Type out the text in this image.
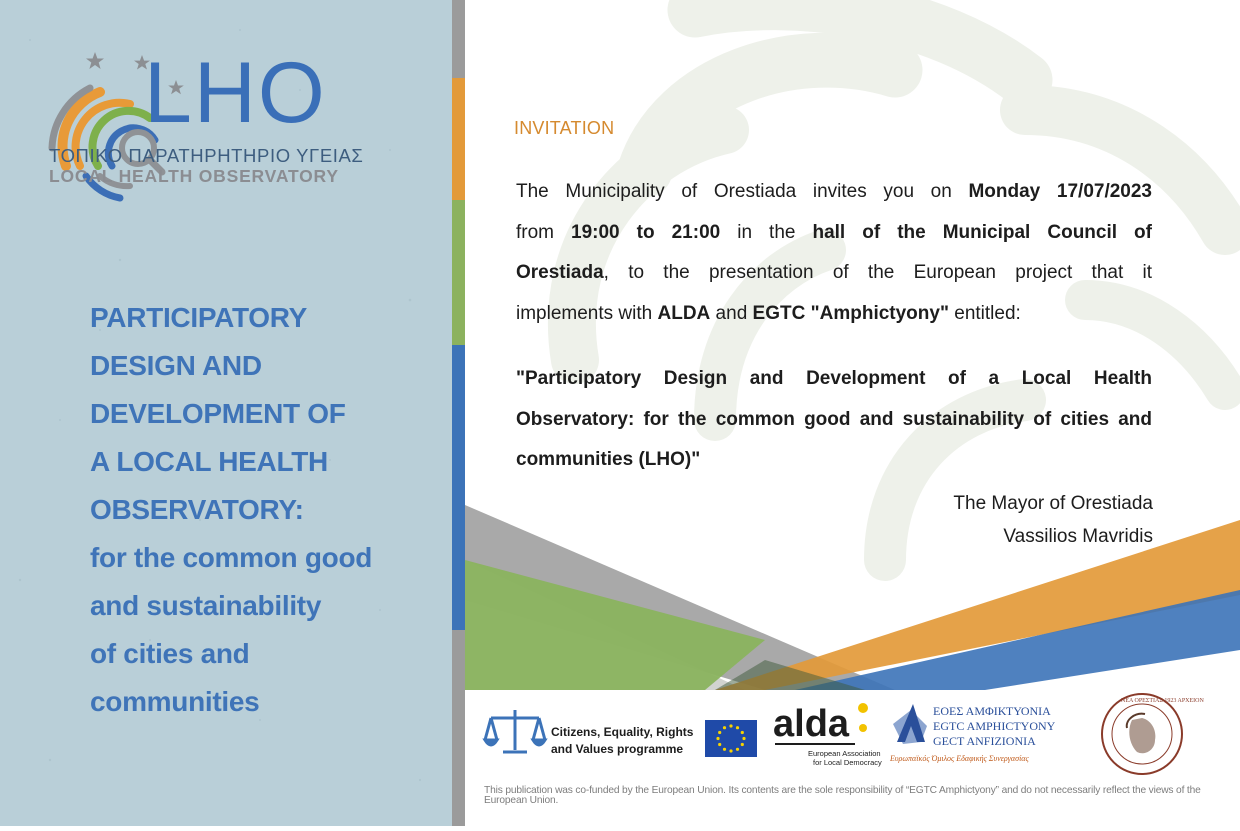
LHO
ΤΟΠΙΚΟ ΠΑΡΑΤΗΡΗΤΗΡΙΟ ΥΓΕΙΑΣ
LOCAL HEALTH OBSERVATORY
PARTICIPATORY
DESIGN AND
DEVELOPMENT OF
A LOCAL HEALTH
OBSERVATORY:
for the common good
and sustainability
of cities and
communities
INVITATION
The Municipality of Orestiada invites you on Monday 17/07/2023
from 19:00 to 21:00 in the hall of the Municipal Council of
Orestiada, to the presentation of the European project that it
implements with ALDA and EGTC "Amphictyony" entitled:
"Participatory Design and Development of a Local Health
Observatory: for the common good and sustainability of cities and
communities (LHO)"
The Mayor of Orestiada
Vassilios Mavridis
Citizens, Equality, Rights
and Values programme
alda
European Association
for Local Democracy
ΕΟΕΣ ΑΜΦΙΚΤΥΟΝΙΑ
EGTC AMPHICTYONY
GECT ANFIZIONIA
Ευρωπαϊκός Όμιλος Εδαφικής Συνεργασίας
ΝΕΑ ΟΡΕΣΤΙΑΣ 1923 ΑΡΧΕΙΟΝ
This publication was co-funded by the European Union. Its contents are the sole responsibility of “EGTC Amphictyony” and do not necessarily reflect the views of the European Union.
